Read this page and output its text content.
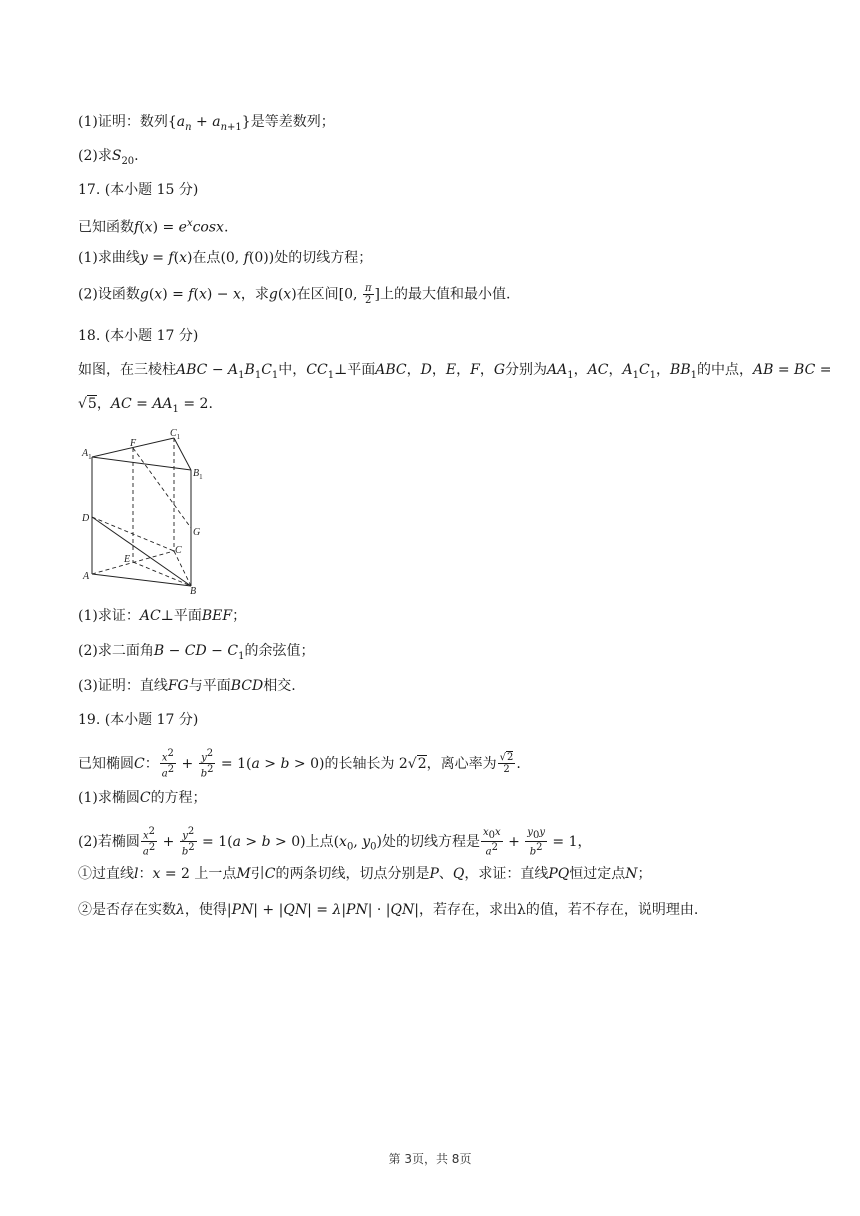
(1)证明：数列$\{a_n + a_{n+1}\}$是等差数列；
(2)求$S_{20}$.
17. (本小题 15 分)
已知函数$f(x) = e^x\cos x$.
(1)求曲线y = f(x)在点(0, f(0))处的切线方程；
(2)设函数g(x) = f(x) − x，求g(x)在区间[0, $\frac{\pi}{2}$ ]上的最大值和最小值.
18. (本小题 17 分)
如图，在三棱柱ABC − $A_1B_1C_1$中，$CC_1\perp$平面ABC，D，E，F，G分别为$AA_1$，AC，$A_1C_1$，$BB_1$的中点，AB = BC =
√5，AC = $AA_1 = 2$.
$A_1$
$C_1$
F
$B_1$
D
G
C
E
A
B
(1)求证：AC⊥平面BEF；
(2)求二面角B − CD − $C_1$的余弦值；
(3)证明：直线FG与平面BCD相交.
19. (本小题 17 分)
已知椭圆C： $\frac{x^2}{a^2} + \frac{y^2}{b^2} = 1(a > b > 0)$的长轴长为 2√2，离心率为 $\frac{√2}{2}$ .
(1)求椭圆C的方程；
(2)若椭圆 $\frac{x^2}{a^2} + \frac{y^2}{b^2} = 1(a > b > 0)$上点($x_0$, $y_0$)处的切线方程是 $\frac{x_0x}{a^2} + \frac{y_0y}{b^2} = 1$，
①过直线l：x = 2 上一点M引C的两条切线，切点分别是P、Q，求证：直线PQ恒过定点N；
②是否存在实数λ，使得|PN| + |QN| = λ|PN| · |QN|，若存在，求出λ的值，若不存在，说明理由.
第 3页，共 8页
